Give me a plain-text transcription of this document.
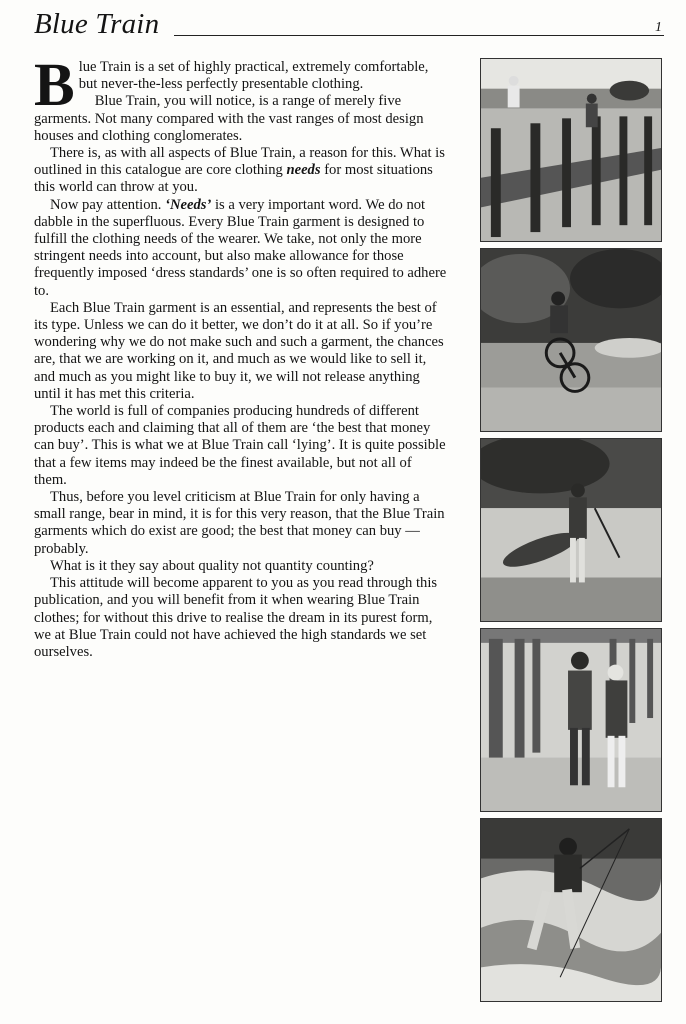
Blue Train	1

Blue Train is a set of highly practical, extremely comfortable, but never-the-less perfectly presentable clothing.

Blue Train, you will notice, is a range of merely five garments. Not many compared with the vast ranges of most design houses and clothing conglomerates.

There is, as with all aspects of Blue Train, a reason for this. What is outlined in this catalogue are core clothing needs for most situations this world can throw at you.

Now pay attention. ‘Needs’ is a very important word. We do not dabble in the superfluous. Every Blue Train garment is designed to fulfill the clothing needs of the wearer. We take, not only the more stringent needs into account, but also make allowance for those frequently imposed ‘dress standards’ one is so often required to adhere to.

Each Blue Train garment is an essential, and represents the best of its type. Unless we can do it better, we don’t do it at all. So if you’re wondering why we do not make such and such a garment, the chances are, that we are working on it, and much as we would like to sell it, and much as you might like to buy it, we will not release anything until it has met this criteria.

The world is full of companies producing hundreds of different products each and claiming that all of them are ‘the best that money can buy’. This is what we at Blue Train call ‘lying’. It is quite possible that a few items may indeed be the finest available, but not all of them.

Thus, before you level criticism at Blue Train for only having a small range, bear in mind, it is for this very reason, that the Blue Train garments which do exist are good; the best that money can buy — probably.

What is it they say about quality not quantity counting?

This attitude will become apparent to you as you read through this publication, and you will benefit from it when wearing Blue Train clothes; for without this drive to realise the dream in its purest form, we at Blue Train could not have achieved the high standards we set ourselves.
